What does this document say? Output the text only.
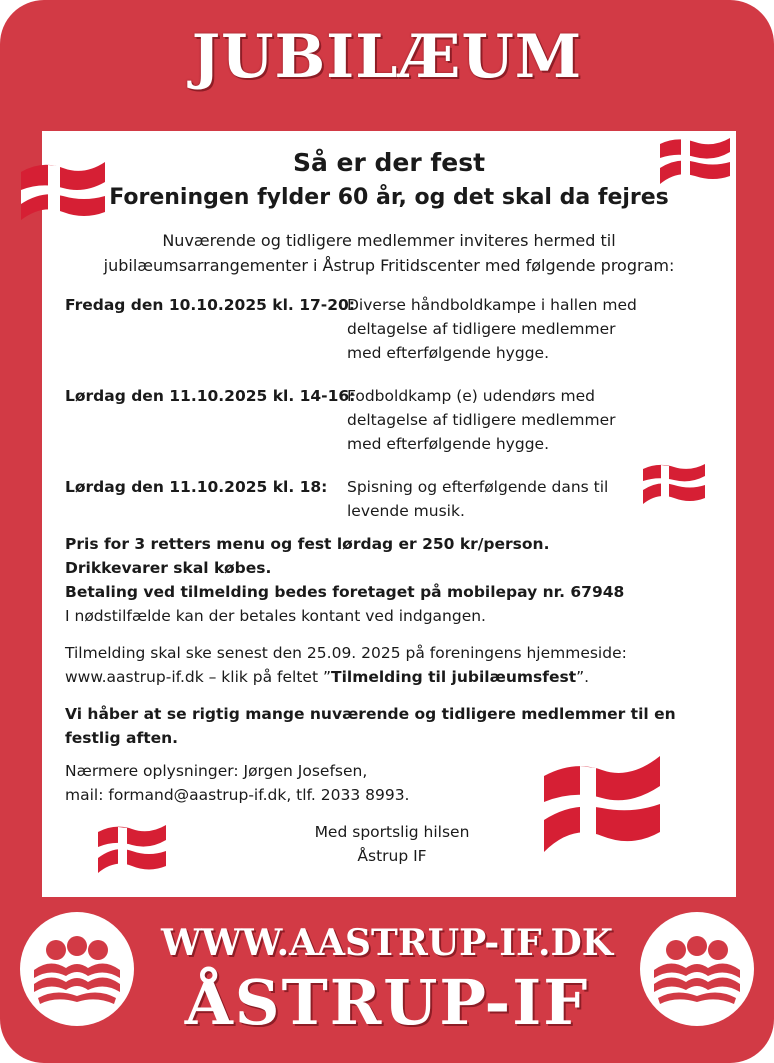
JUBILÆUM
Så er der fest
Foreningen fylder 60 år, og det skal da fejres
Nuværende og tidligere medlemmer inviteres hermed til
jubilæumsarrangementer i Åstrup Fritidscenter med følgende program:
Fredag den 10.10.2025 kl. 17-20:
Diverse håndboldkampe i hallen med
deltagelse af tidligere medlemmer
med efterfølgende hygge.
Lørdag den 11.10.2025 kl. 14-16:
Fodboldkamp (e) udendørs med
deltagelse af tidligere medlemmer
med efterfølgende hygge.
Lørdag den 11.10.2025 kl. 18: Spisning og efterfølgende dans til
levende musik.
Pris for 3 retters menu og fest lørdag er 250 kr/person.
Drikkevarer skal købes.
Betaling ved tilmelding bedes foretaget på mobilepay nr. 67948
I nødstilfælde kan der betales kontant ved indgangen.
Tilmelding skal ske senest den 25.09. 2025 på foreningens hjemmeside:
www.aastrup-if.dk – klik på feltet ”Tilmelding til jubilæumsfest”.
Vi håber at se rigtig mange nuværende og tidligere medlemmer til en
festlig aften.
Nærmere oplysninger: Jørgen Josefsen,
mail: formand@aastrup-if.dk, tlf. 2033 8993.
Med sportslig hilsen
Åstrup IF
WWW.AASTRUP-IF.DK
ÅSTRUP-IF
